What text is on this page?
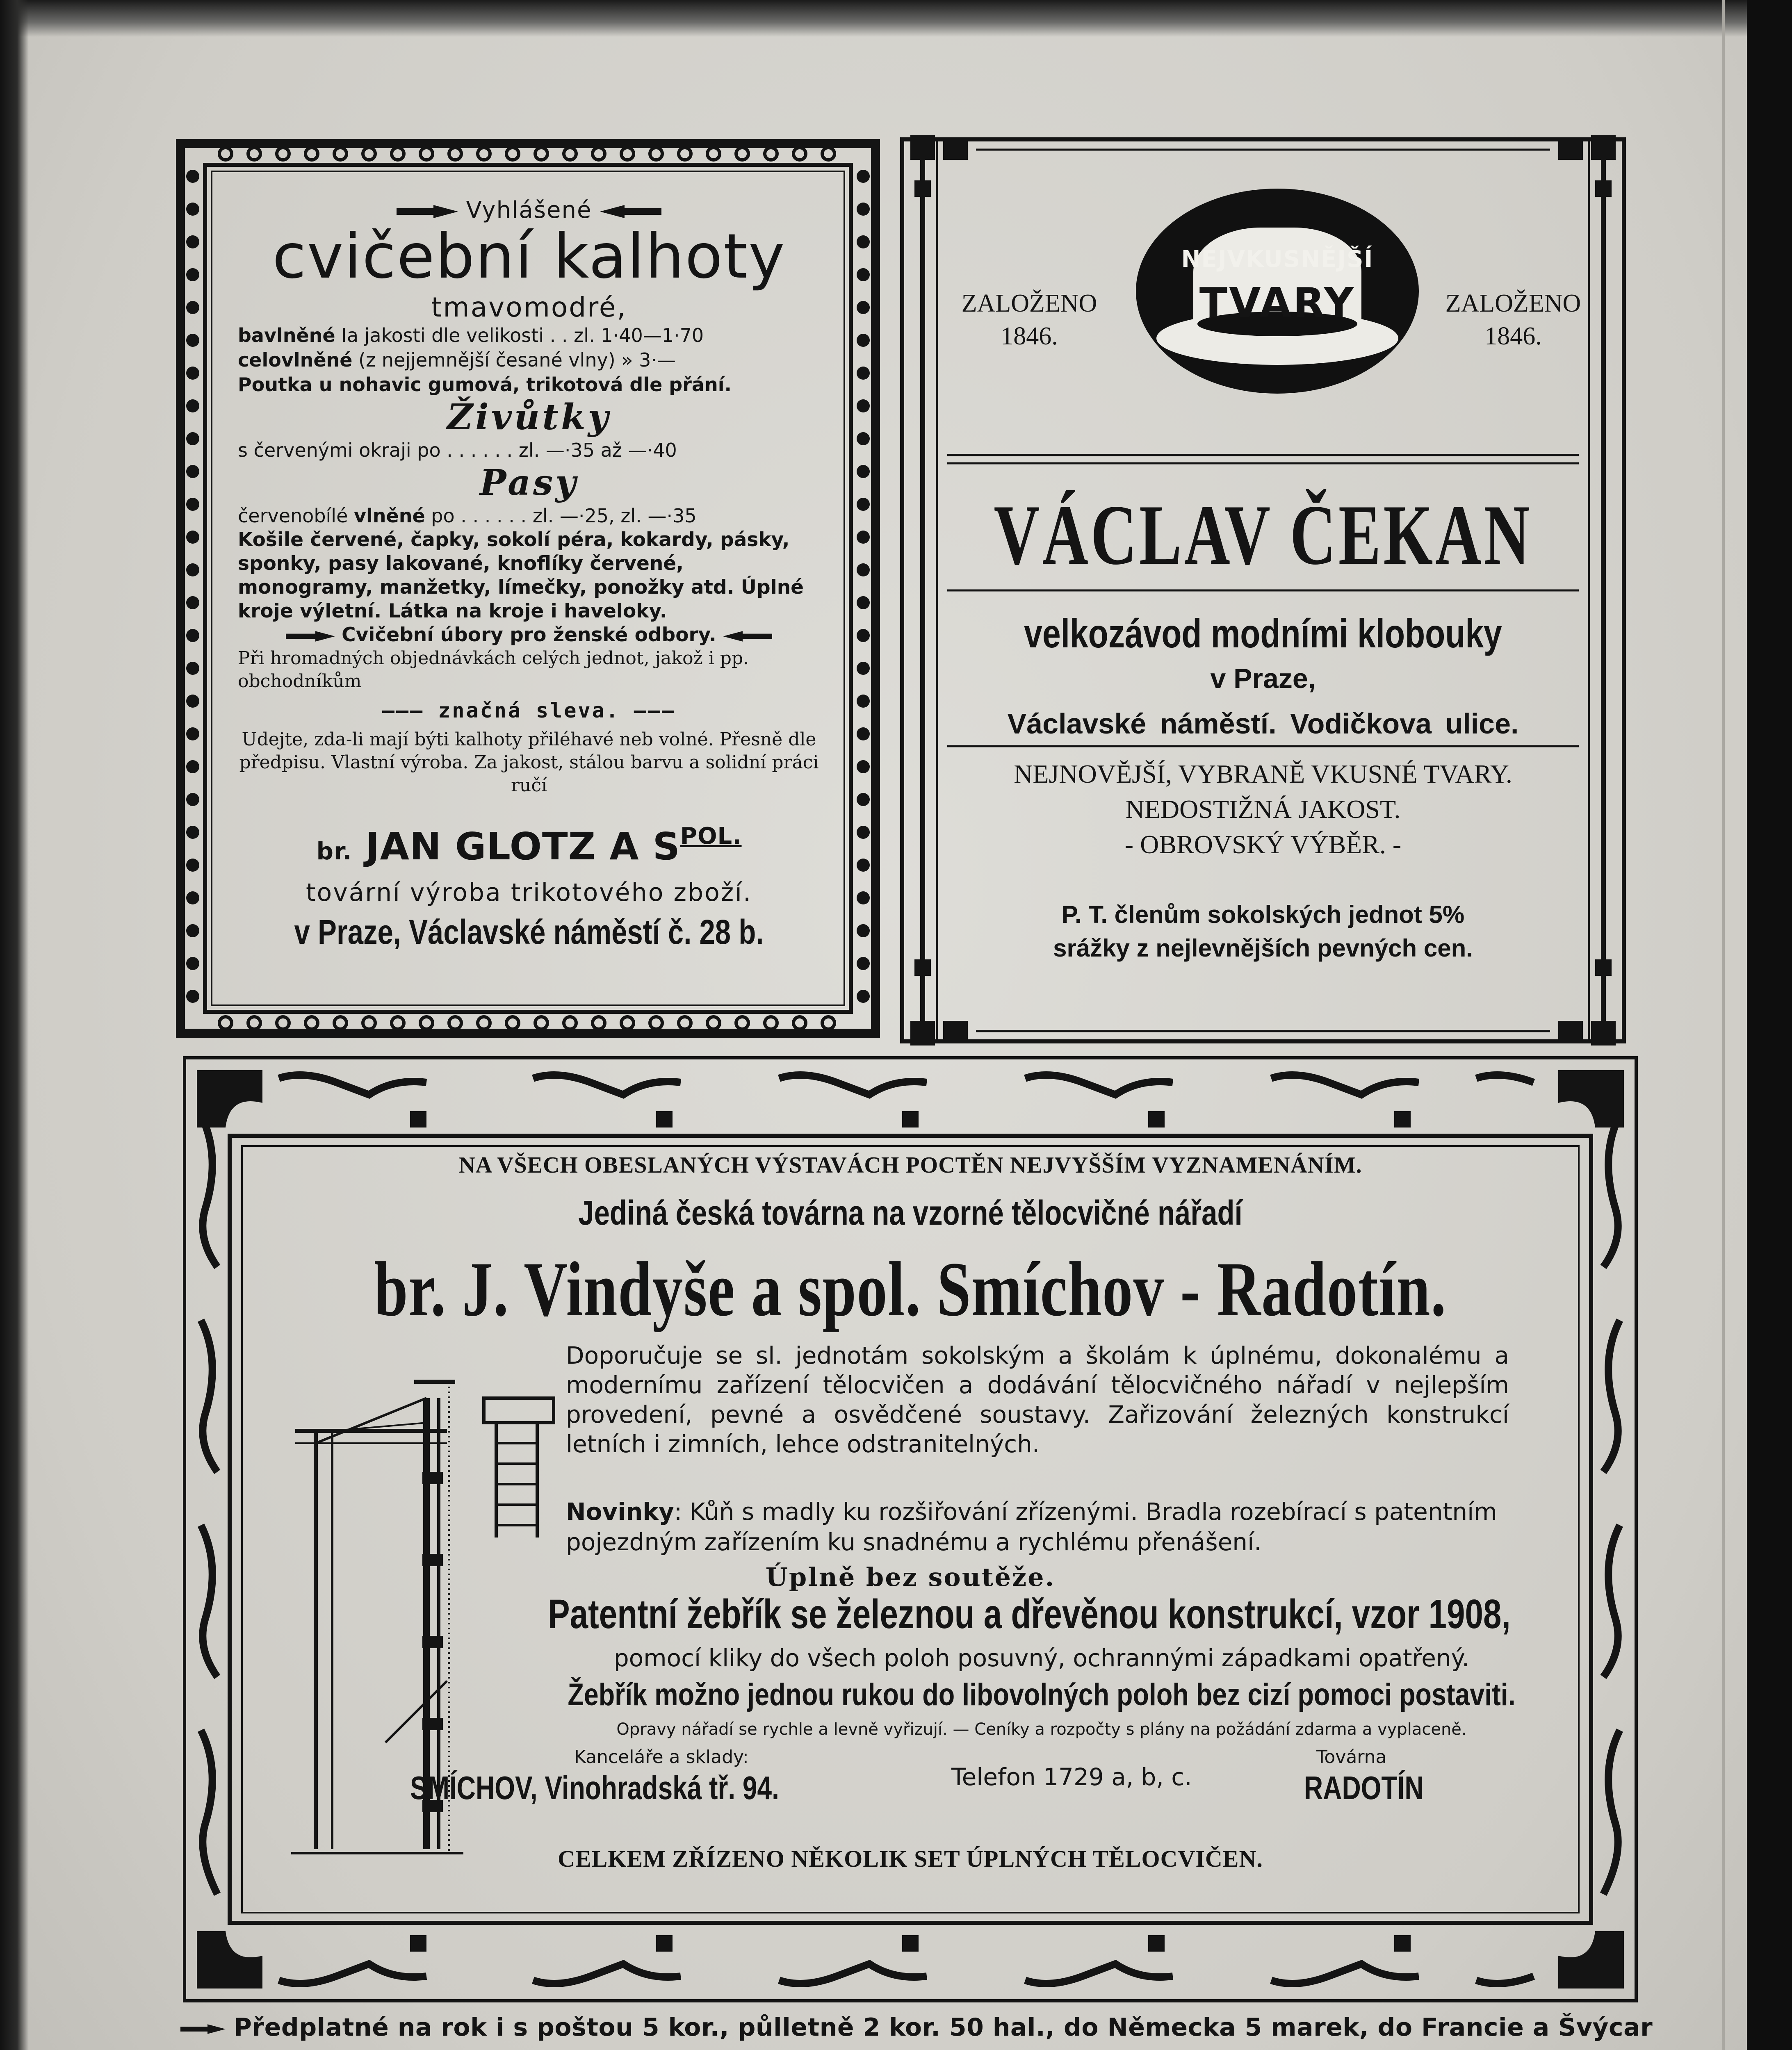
Vyhlášené
cvičební kalhoty
tmavomodré,
bavlněné Ia jakosti dle velikosti . . zl. 1·40—1·70
celovlněné (z nejjemnější česané vlny) » 3·—
Poutka u nohavic gumová, trikotová dle přání.
Živůtky
s červenými okraji po . . . . . . zl. —·35 až —·40
Pasy
červenobílé vlněné po . . . . . . zl. —·25, zl. —·35
Košile červené, čapky, sokolí péra, kokardy, pásky, sponky, pasy lakované, knoflíky červené, monogramy, manžetky, límečky, ponožky atd. Úplné kroje výletní. Látka na kroje i haveloky.
Cvičební úbory pro ženské odbory.
Při hromadných objednávkách celých jednot, jakož i pp. obchodníkům
——— značná sleva. ———
Udejte, zda-li mají býti kalhoty přiléhavé neb volné. Přesně dle předpisu. Vlastní výroba. Za jakost, stálou barvu a solidní práci ručí
br. JAN GLOTZ A $S^{POL.}$
tovární výroba trikotového zboží.
v Praze, Václavské náměstí č. 28 b.
ZALOŽENO
1846.
ZALOŽENO
1846.
NEJVKUSNĚJŠÍ
TVARY
VÁCLAV ČEKAN
velkozávod modními klobouky
v Praze,
Václavské náměstí. Vodičkova ulice.
NEJNOVĚJŠÍ, VYBRANĚ VKUSNÉ TVARY.
NEDOSTIŽNÁ JAKOST.
- OBROVSKÝ VÝBĚR. -
P. T. členům sokolských jednot 5%
srážky z nejlevnějších pevných cen.
NA VŠECH OBESLANÝCH VÝSTAVÁCH POCTĚN NEJVYŠŠÍM VYZNAMENÁNÍM.
Jediná česká továrna na vzorné tělocvičné nářadí
br. J. Vindyše a spol. Smíchov - Radotín.
Doporučuje se sl. jednotám sokolským a školám k úplnému, dokonalému a modernímu zařízení tělocvičen a dodávání tělocvičného nářadí v nejlepším provedení, pevné a osvědčené soustavy. Zařizování železných konstrukcí letních i zimních, lehce odstranitelných.
Novinky: Kůň s madly ku rozšiřování zřízenými. Bradla rozebírací s patentním pojezdným zařízením ku snadnému a rychlému přenášení.
Úplně bez soutěže.
Patentní žebřík se železnou a dřevěnou konstrukcí, vzor 1908,
pomocí kliky do všech poloh posuvný, ochrannými západkami opatřený.
Žebřík možno jednou rukou do libovolných poloh bez cizí pomoci postaviti.
Opravy nářadí se rychle a levně vyřizují. — Ceníky a rozpočty s plány na požádání zdarma a vyplaceně.
Kanceláře a sklady:
SMÍCHOV, Vinohradská tř. 94.	Telefon 1729 a, b, c.
Továrna
RADOTÍN
CELKEM ZŘÍZENO NĚKOLIK SET ÚPLNÝCH TĚLOCVIČEN.
Předplatné na rok i s poštou 5 kor., půlletně 2 kor. 50 hal., do Německa 5 marek, do Francie a Švýcar
